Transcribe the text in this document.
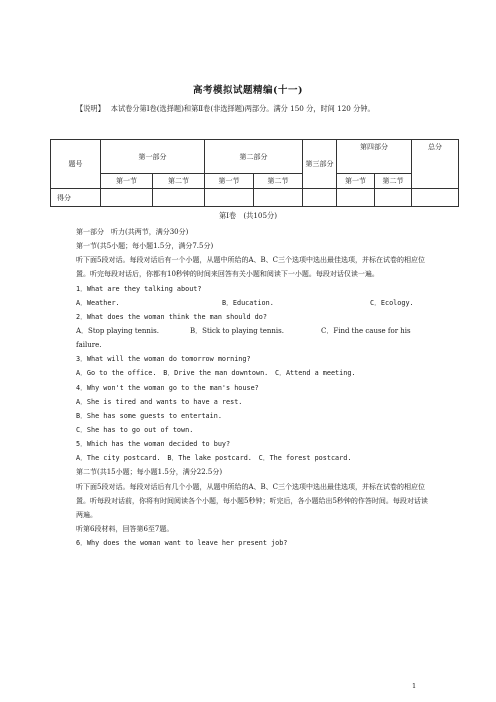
高考模拟试题精编(十一)
【说明】 本试卷分第Ⅰ卷(选择题)和第Ⅱ卷(非选择题)两部分。满分 150 分，时间 120 分钟。
题号	第一部分		第二部分		第三部分	第四部分		总分
	第一节	第二节	第一节	第二节		第一节	第二节	
得分								
第Ⅰ卷　(共105分)
第一部分　听力(共两节，满分30分)
第一节(共5小题；每小题1.5分，满分7.5分)
听下面5段对话。每段对话后有一个小题，从题中所给的A、B、C三个选项中选出最佳选项，并标在试卷的相应位置。听完每段对话后，你都有10秒钟的时间来回答有关小题和阅读下一小题。每段对话仅读一遍。
1．What are they talking about?
A．Weather.	B．Education.	C．Ecology.
2．What does the woman think the man should do?
A．Stop playing tennis.	B．Stick to playing tennis.	C．Find the cause for his
failure.
3．What will the woman do tomorrow morning?
A．Go to the office.　B．Drive the man downtown.　C．Attend a meeting.
4．Why won't the woman go to the man's house?
A．She is tired and wants to have a rest.
B．She has some guests to entertain.
C．She has to go out of town.
5．Which has the woman decided to buy?
A．The city postcard.　B．The lake postcard.　C．The forest postcard.
第二节(共15小题；每小题1.5分，满分22.5分)
听下面5段对话。每段对话后有几个小题，从题中所给的A、B、C三个选项中选出最佳选项，并标在试卷的相应位置。听每段对话前，你将有时间阅读各个小题，每小题5秒钟；听完后，各小题给出5秒钟的作答时间。每段对话读两遍。
听第6段材料，回答第6至7题。
6．Why does the woman want to leave her present job?
1
